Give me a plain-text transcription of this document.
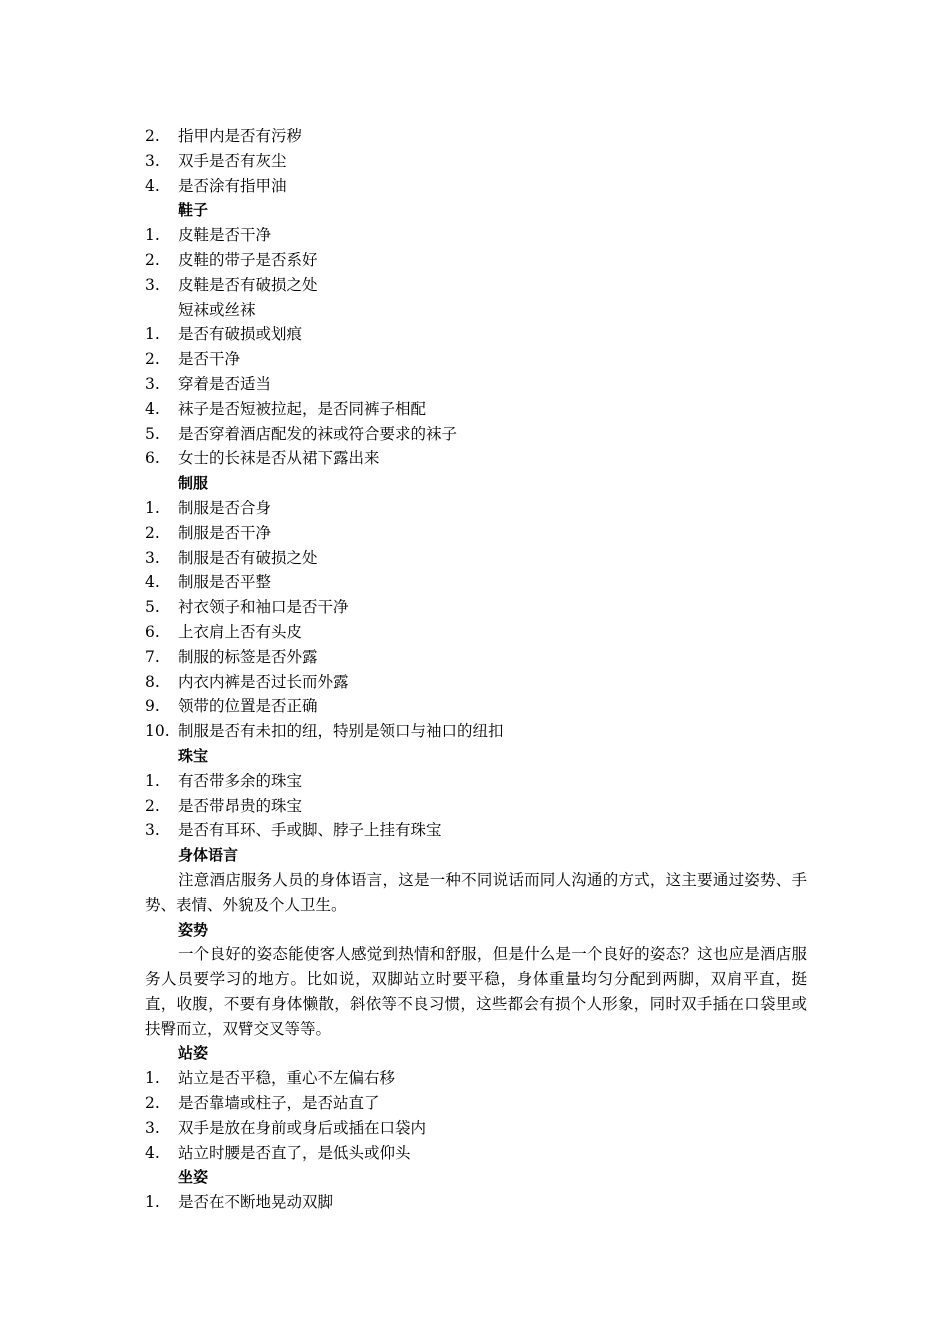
2. 指甲内是否有污秽
3. 双手是否有灰尘
4. 是否涂有指甲油
鞋子
1. 皮鞋是否干净
2. 皮鞋的带子是否系好
3. 皮鞋是否有破损之处
短袜或丝袜
1. 是否有破损或划痕
2. 是否干净
3. 穿着是否适当
4. 袜子是否短被拉起，是否同裤子相配
5. 是否穿着酒店配发的袜或符合要求的袜子
6. 女士的长袜是否从裙下露出来
制服
1. 制服是否合身
2. 制服是否干净
3. 制服是否有破损之处
4. 制服是否平整
5. 衬衣领子和袖口是否干净
6. 上衣肩上否有头皮
7. 制服的标签是否外露
8. 内衣内裤是否过长而外露
9. 领带的位置是否正确
10. 制服是否有未扣的纽，特别是领口与袖口的纽扣
珠宝
1. 有否带多余的珠宝
2. 是否带昂贵的珠宝
3. 是否有耳环、手或脚、脖子上挂有珠宝
身体语言
注意酒店服务人员的身体语言，这是一种不同说话而同人沟通的方式，这主要通过姿势、手势、表情、外貌及个人卫生。
姿势
一个良好的姿态能使客人感觉到热情和舒服，但是什么是一个良好的姿态？这也应是酒店服务人员要学习的地方。比如说，双脚站立时要平稳，身体重量均匀分配到两脚，双肩平直，挺直，收腹，不要有身体懒散，斜依等不良习惯，这些都会有损个人形象，同时双手插在口袋里或扶臀而立，双臂交叉等等。
站姿
1. 站立是否平稳，重心不左偏右移
2. 是否靠墙或柱子，是否站直了
3. 双手是放在身前或身后或插在口袋内
4. 站立时腰是否直了，是低头或仰头
坐姿
1. 是否在不断地晃动双脚
